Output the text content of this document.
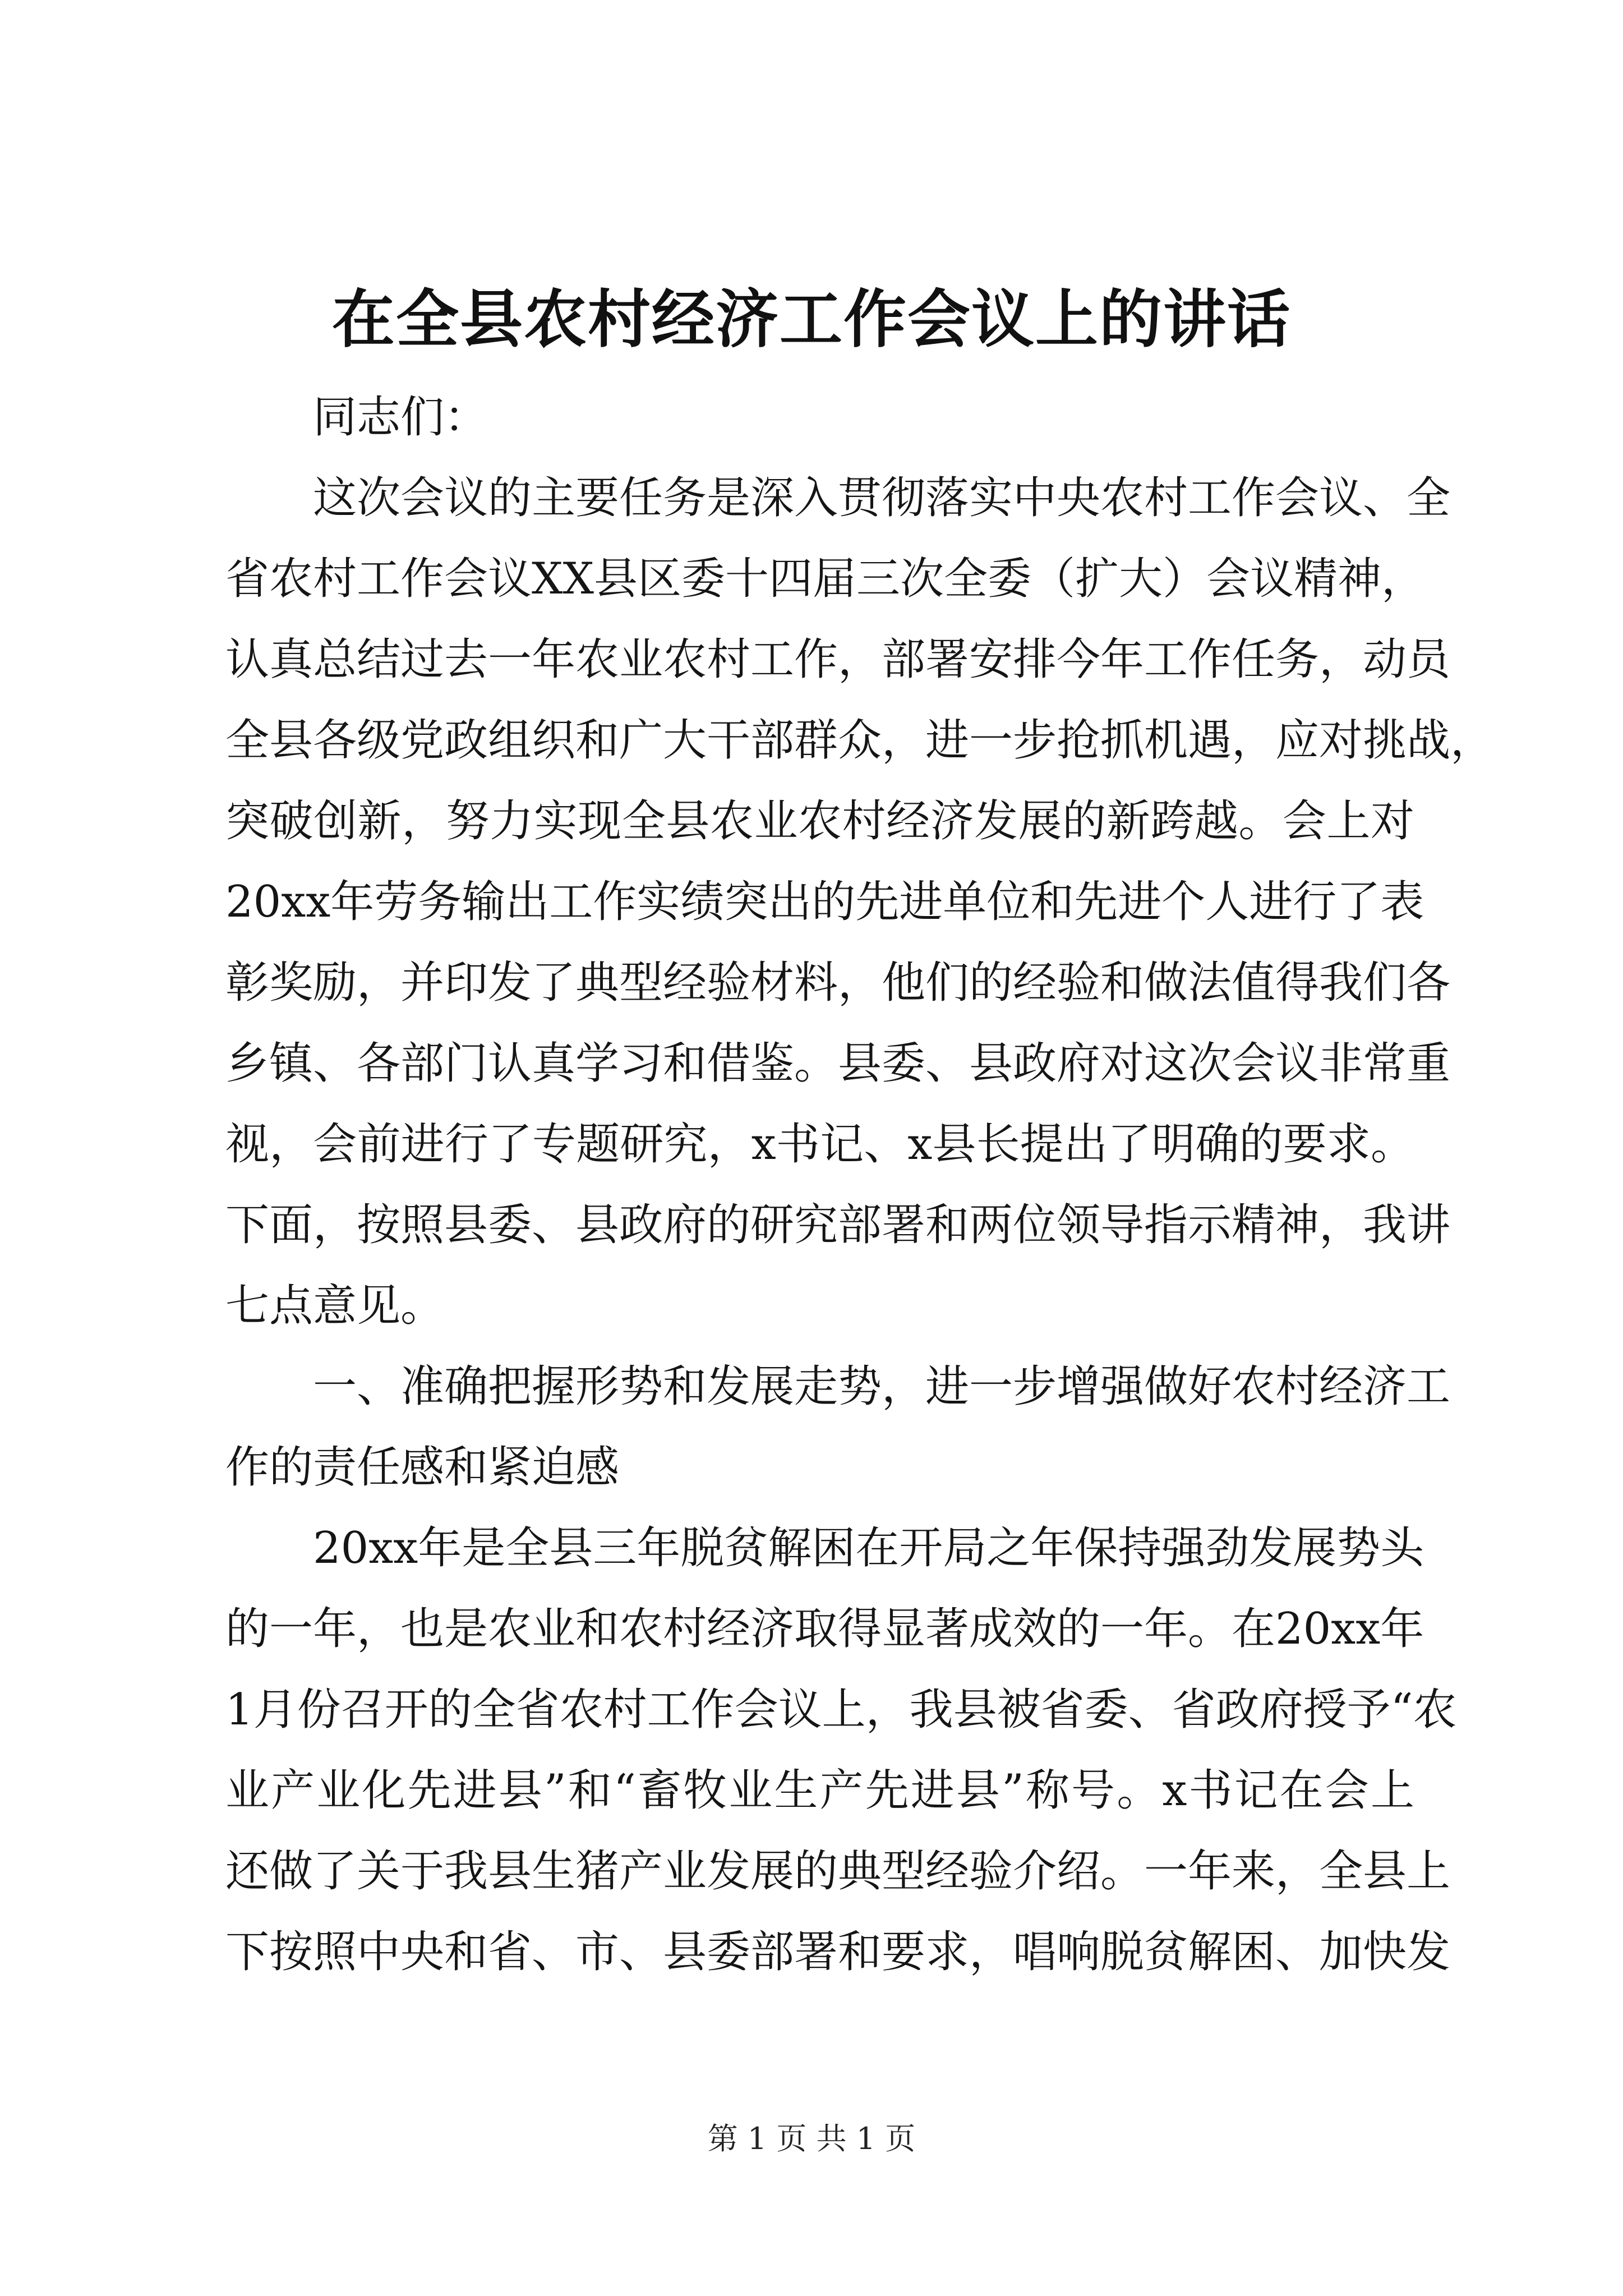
在全县农村经济工作会议上的讲话
同志们：
这次会议的主要任务是深入贯彻落实中央农村工作会议、全
省农村工作会议XX县区委十四届三次全委（扩大）会议精神，
认真总结过去一年农业农村工作，部署安排今年工作任务，动员
全县各级党政组织和广大干部群众，进一步抢抓机遇，应对挑战，
突破创新，努力实现全县农业农村经济发展的新跨越。会上对
20xx年劳务输出工作实绩突出的先进单位和先进个人进行了表
彰奖励，并印发了典型经验材料，他们的经验和做法值得我们各
乡镇、各部门认真学习和借鉴。县委、县政府对这次会议非常重
视，会前进行了专题研究，x书记、x县长提出了明确的要求。
下面，按照县委、县政府的研究部署和两位领导指示精神，我讲
七点意见。
一、准确把握形势和发展走势，进一步增强做好农村经济工
作的责任感和紧迫感
20xx年是全县三年脱贫解困在开局之年保持强劲发展势头
的一年，也是农业和农村经济取得显著成效的一年。在20xx年
1月份召开的全省农村工作会议上，我县被省委、省政府授予“农
业产业化先进县”和“畜牧业生产先进县”称号。x书记在会上
还做了关于我县生猪产业发展的典型经验介绍。一年来，全县上
下按照中央和省、市、县委部署和要求，唱响脱贫解困、加快发
第 1 页 共 1 页
